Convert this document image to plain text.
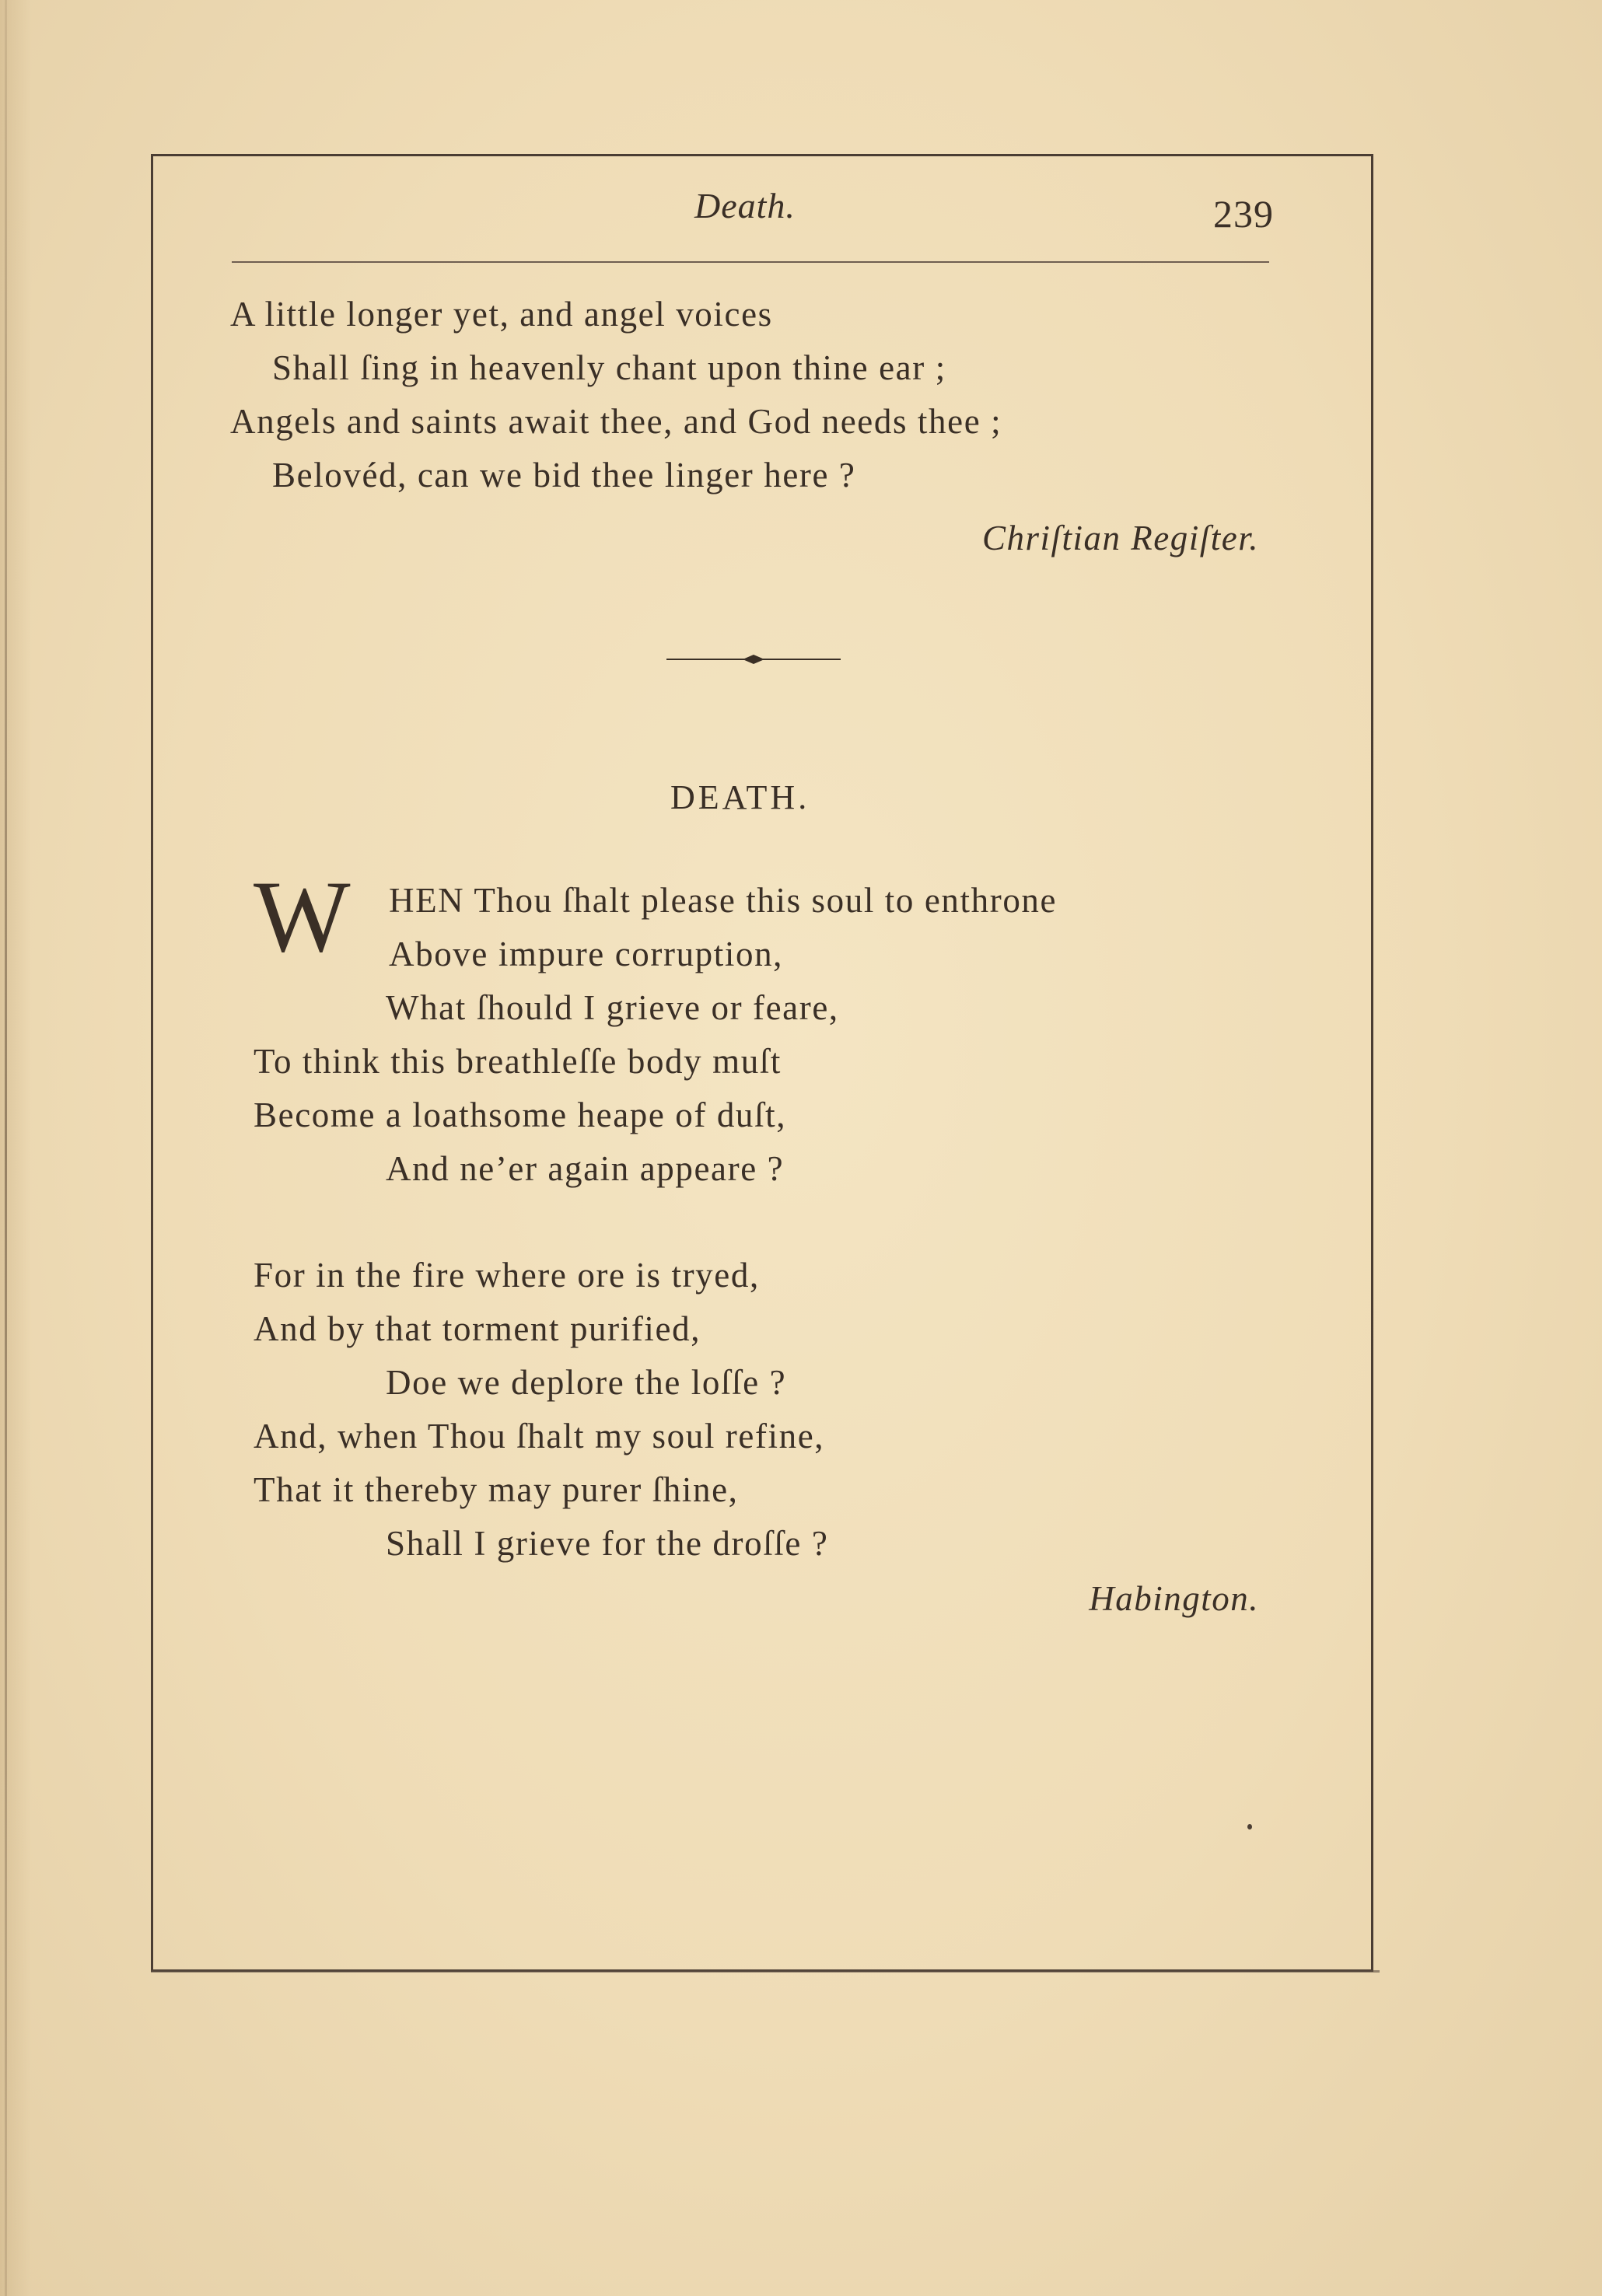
Death.	239
A little longer yet, and angel voices
Shall ſing in heavenly chant upon thine ear ;
Angels and saints await thee, and God needs thee ;
Belovéd, can we bid thee linger here ?
Chriſtian Regiſter.
DEATH.
W HEN Thou ſhalt please this soul to enthrone
Above impure corruption,
What ſhould I grieve or feare,
To think this breathleſſe body muſt
Become a loathsome heape of duſt,
And ne’er again appeare ?
For in the fire where ore is tryed,
And by that torment purified,
Doe we deplore the loſſe ?
And, when Thou ſhalt my soul refine,
That it thereby may purer ſhine,
Shall I grieve for the droſſe ?
Habington.
